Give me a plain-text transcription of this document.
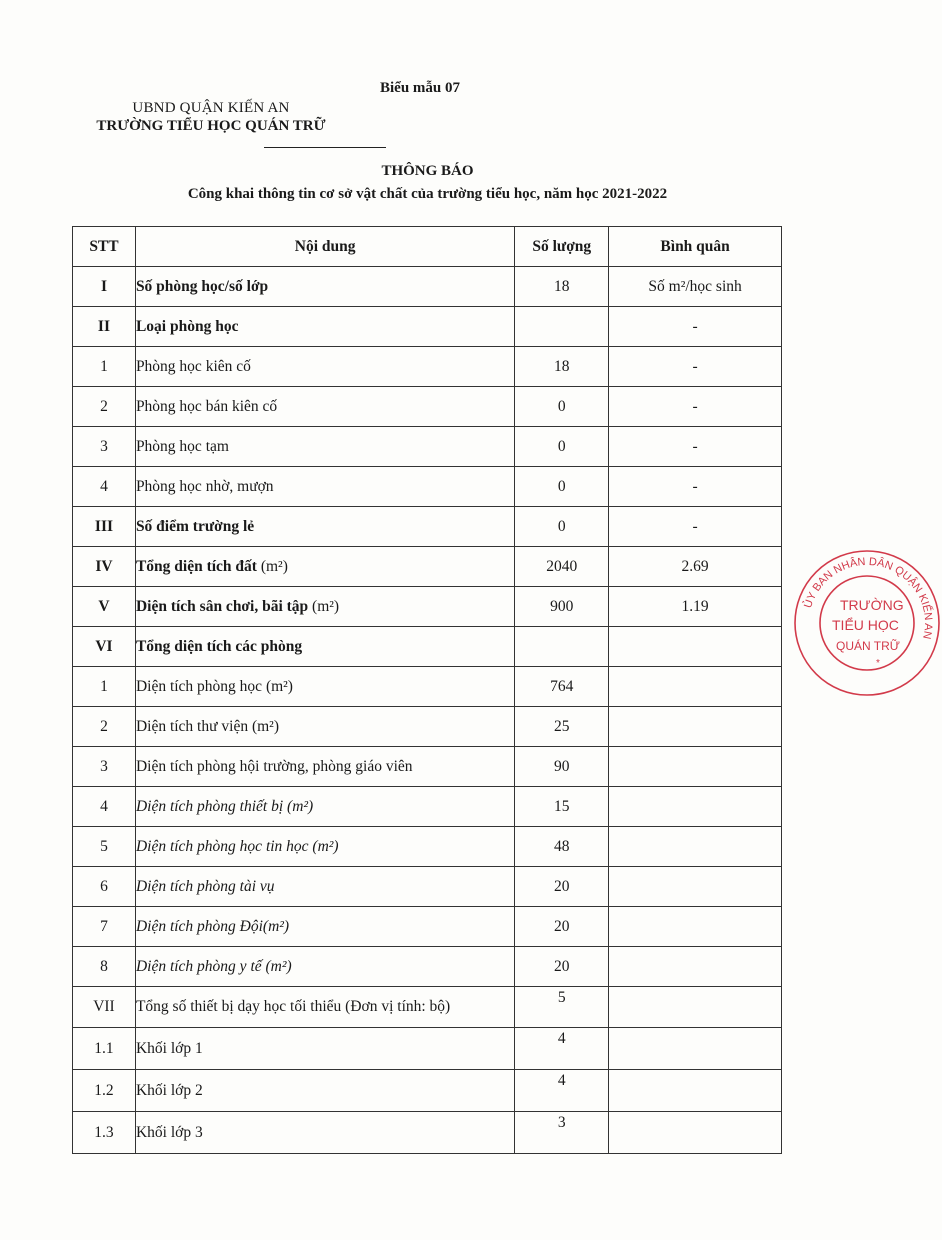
Biểu mẫu 07
UBND QUẬN KIẾN AN
TRƯỜNG TIỂU HỌC QUÁN TRỮ
THÔNG BÁO
Công khai thông tin cơ sở vật chất của trường tiểu học, năm học 2021-2022
STT	Nội dung	Số lượng	Bình quân
I	Số phòng học/số lớp	18	Số m²/học sinh
II	Loại phòng học		-
1	Phòng học kiên cố	18	-
2	Phòng học bán kiên cố	0	-
3	Phòng học tạm	0	-
4	Phòng học nhờ, mượn	0	-
III	Số điểm trường lẻ	0	-
IV	Tổng diện tích đất (m²)	2040	2.69
V	Diện tích sân chơi, bãi tập (m²)	900	1.19
VI	Tổng diện tích các phòng		
1	Diện tích phòng học (m²)	764	
2	Diện tích thư viện (m²)	25	
3	Diện tích phòng hội trường, phòng giáo viên	90	
4	Diện tích phòng thiết bị (m²)	15	
5	Diện tích phòng học tin học (m²)	48	
6	Diện tích phòng tài vụ	20	
7	Diện tích phòng Đội(m²)	20	
8	Diện tích phòng y tế (m²)	20	
VII	Tổng số thiết bị dạy học tối thiểu (Đơn vị tính: bộ)	5	
1.1	Khối lớp 1	4	
1.2	Khối lớp 2	4	
1.3	Khối lớp 3	3	
ỦY BAN NHÂN DÂN QUẬN KIẾN AN
TRƯỜNG
TIỂU HỌC
QUÁN TRỮ
*
